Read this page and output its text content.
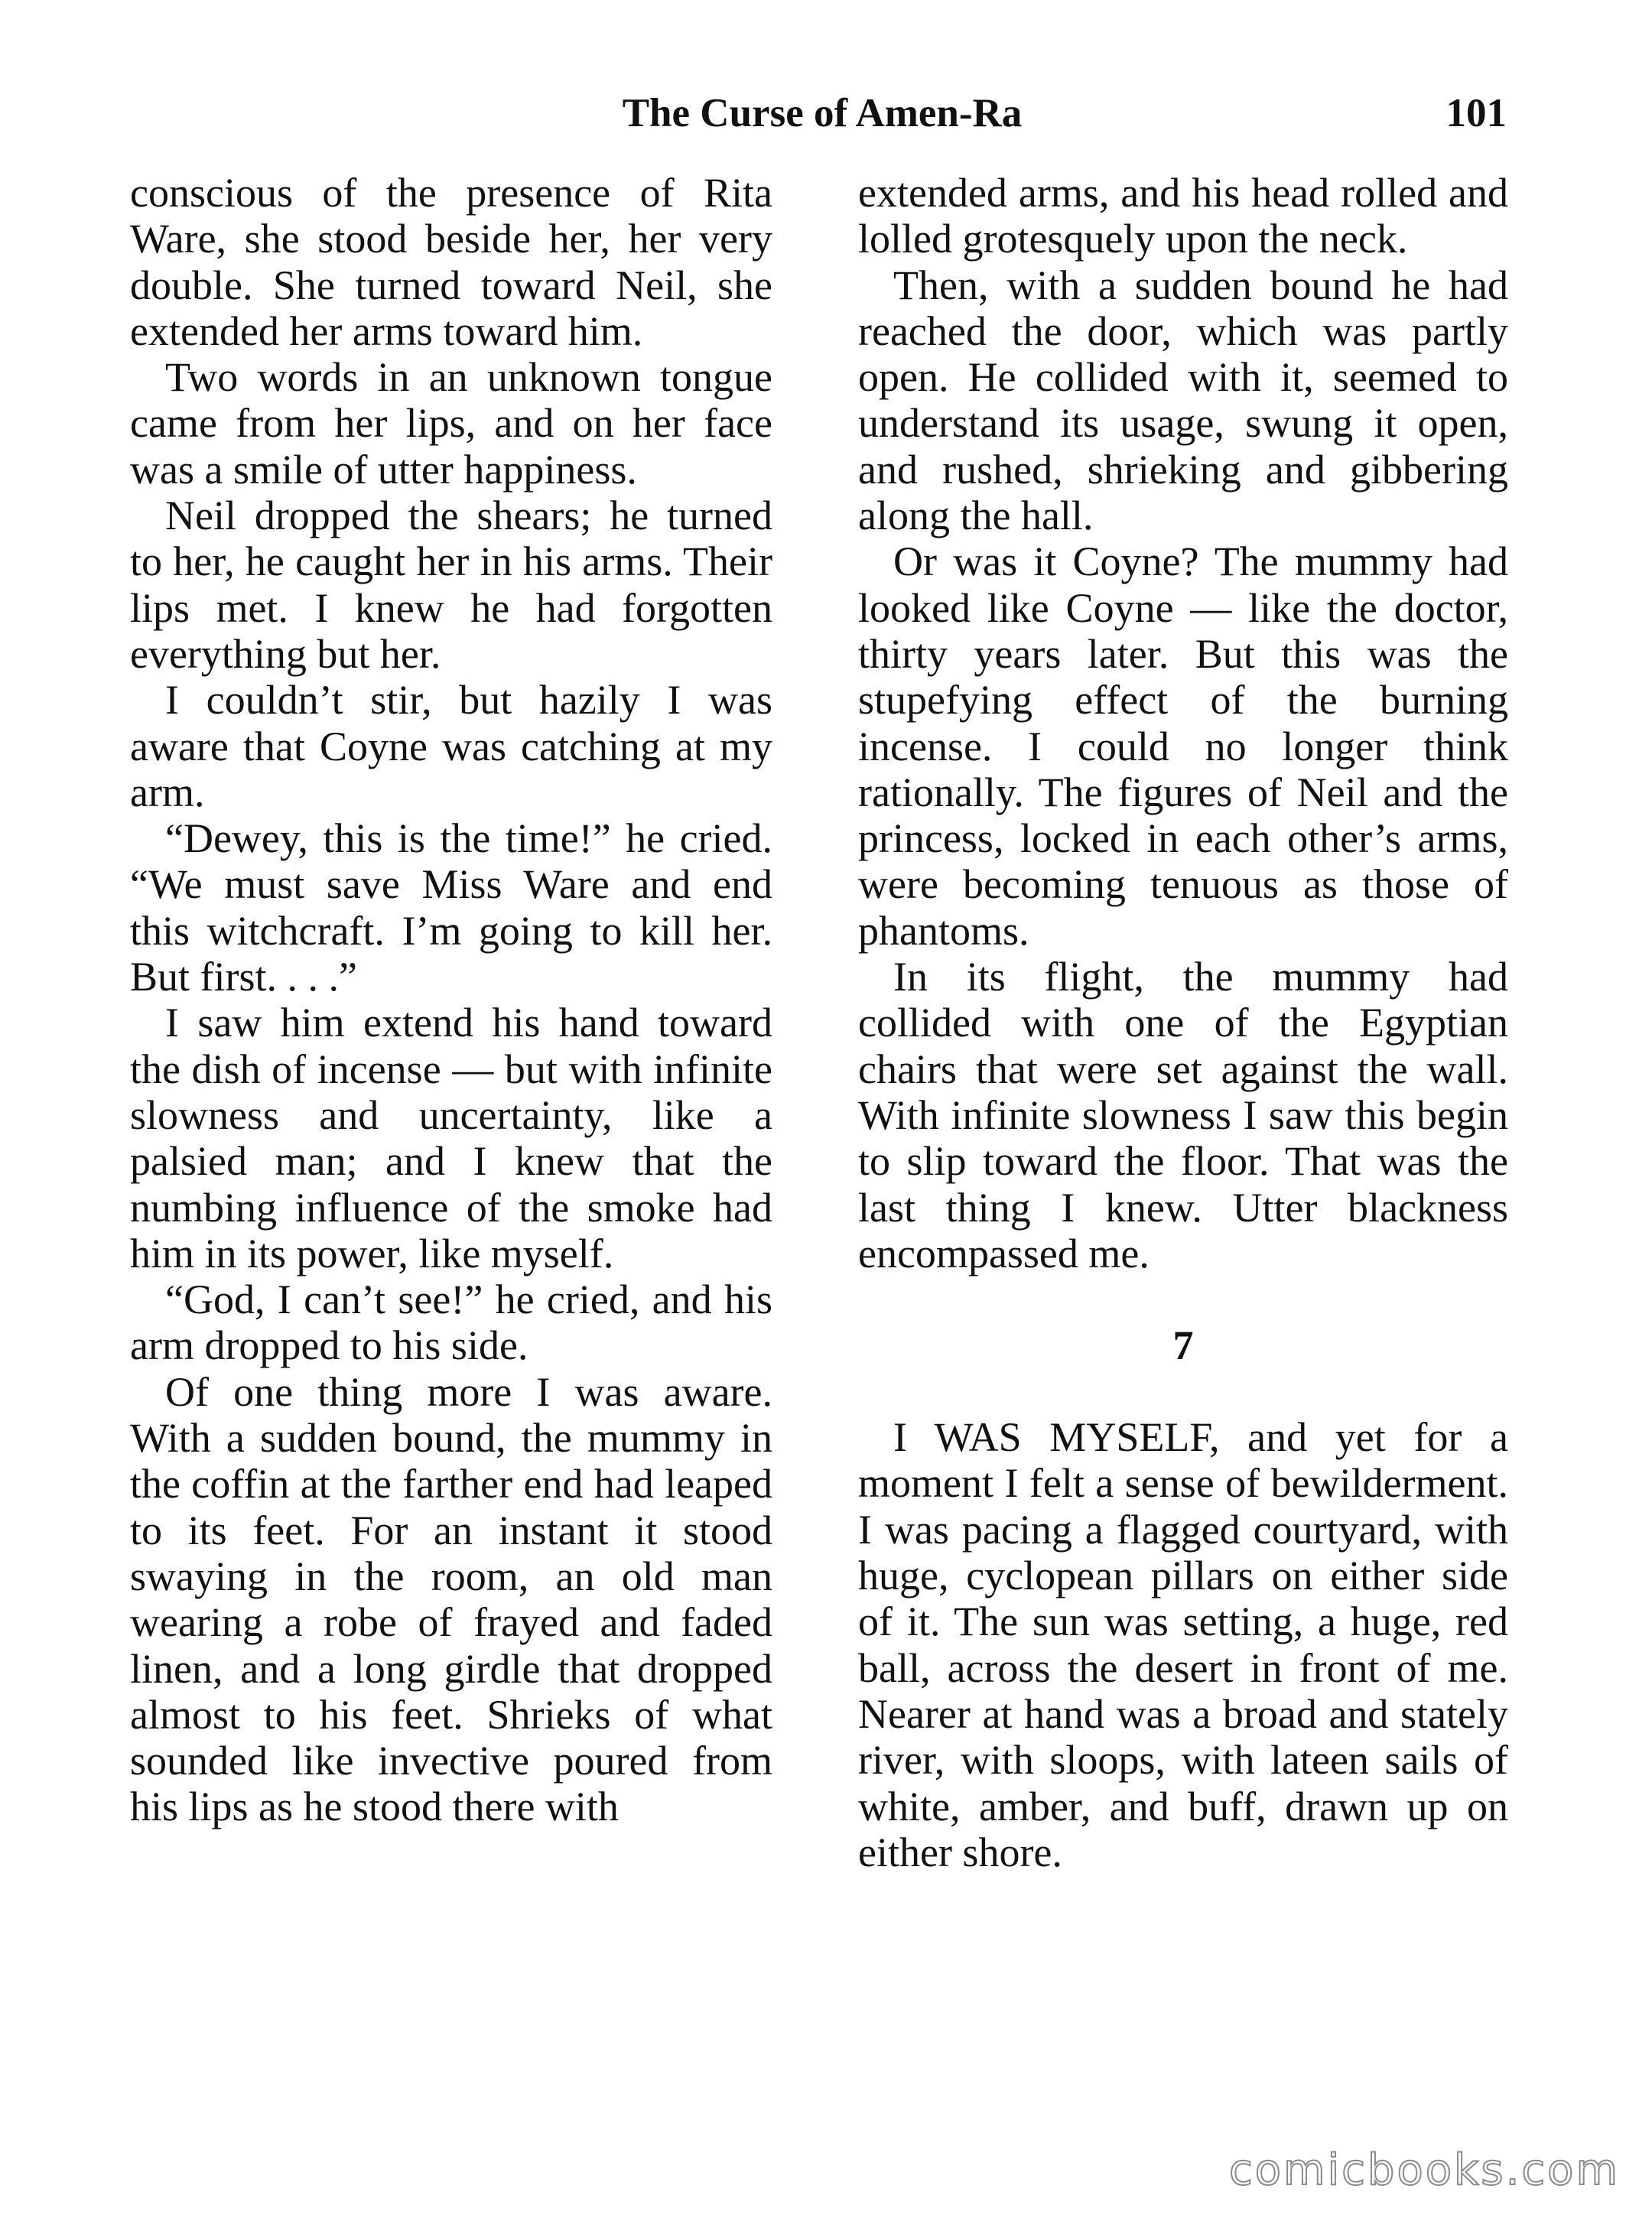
The Curse of Amen-Ra	101

conscious of the presence of Rita Ware, she stood beside her, her very double. She turned toward Neil, she extended her arms toward him.

Two words in an unknown tongue came from her lips, and on her face was a smile of utter happiness.

Neil dropped the shears; he turned to her, he caught her in his arms. Their lips met. I knew he had forgotten everything but her.

I couldn’t stir, but hazily I was aware that Coyne was catching at my arm.

“Dewey, this is the time!” he cried. “We must save Miss Ware and end this witchcraft. I’m going to kill her. But first. . . .”

I saw him extend his hand toward the dish of incense — but with infinite slowness and uncertainty, like a palsied man; and I knew that the numbing influence of the smoke had him in its power, like myself.

“God, I can’t see!” he cried, and his arm dropped to his side.

Of one thing more I was aware. With a sudden bound, the mummy in the coffin at the farther end had leaped to its feet. For an instant it stood swaying in the room, an old man wearing a robe of frayed and faded linen, and a long girdle that dropped almost to his feet. Shrieks of what sounded like invective poured from his lips as he stood there with

extended arms, and his head rolled and lolled grotesquely upon the neck.

Then, with a sudden bound he had reached the door, which was partly open. He collided with it, seemed to understand its usage, swung it open, and rushed, shrieking and gibbering along the hall.

Or was it Coyne? The mummy had looked like Coyne — like the doctor, thirty years later. But this was the stupefying effect of the burning incense. I could no longer think rationally. The figures of Neil and the princess, locked in each other’s arms, were becoming tenuous as those of phantoms.

In its flight, the mummy had collided with one of the Egyptian chairs that were set against the wall. With infinite slowness I saw this begin to slip toward the floor. That was the last thing I knew. Utter blackness encompassed me.

7

I WAS MYSELF, and yet for a moment I felt a sense of bewilderment. I was pacing a flagged courtyard, with huge, cyclopean pillars on either side of it. The sun was setting, a huge, red ball, across the desert in front of me. Nearer at hand was a broad and stately river, with sloops, with lateen sails of white, amber, and buff, drawn up on either shore.

comicbooks.com
